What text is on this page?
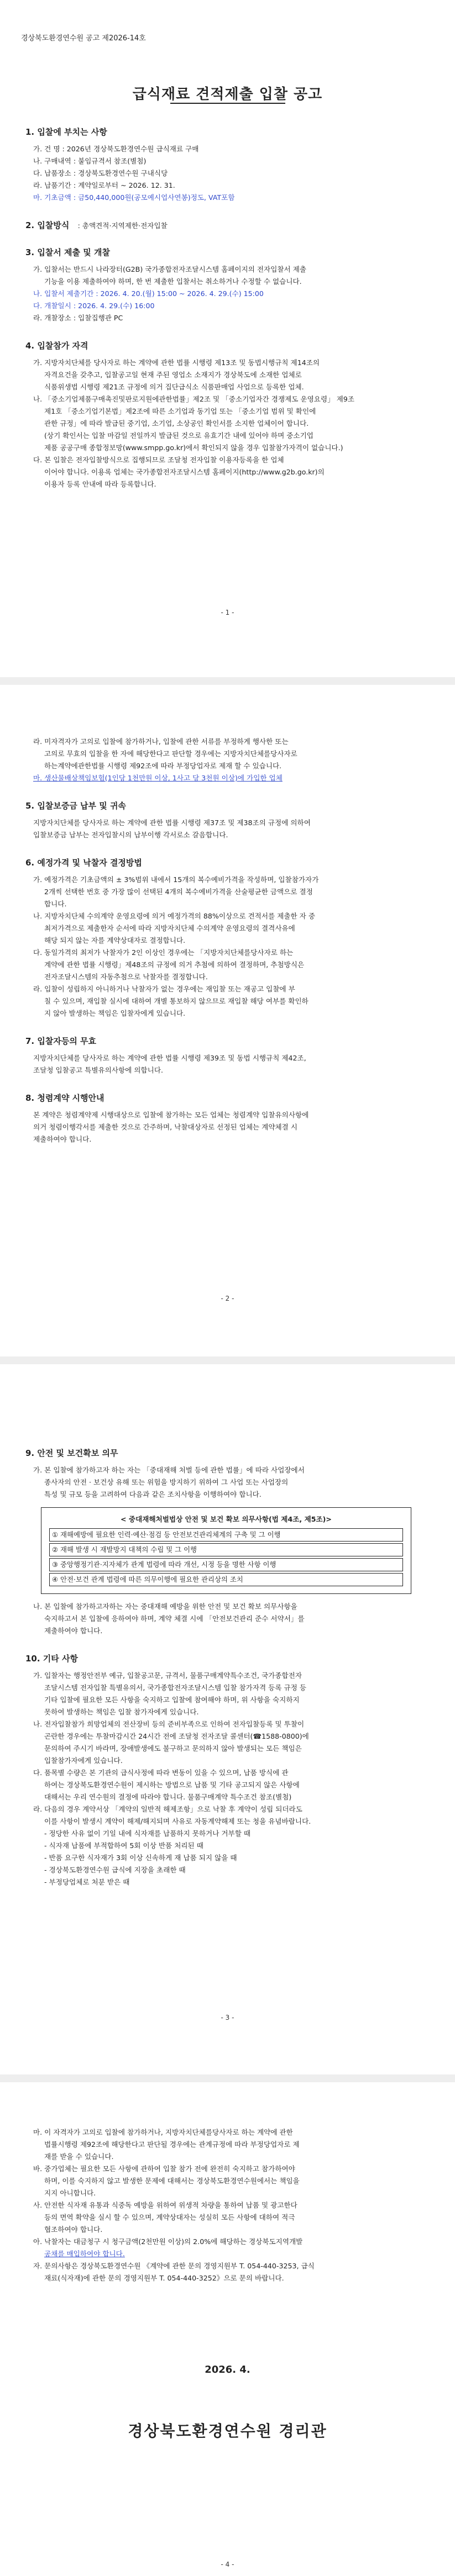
경상북도환경연수원 공고 제2026-14호
급식재료 견적제출 입찰 공고
1. 입찰에 부치는 사항
가. 건 명 : 2026년 경상북도환경연수원 급식재료 구매
나. 구매내역 : 붙임규격서 참조(별첨)
다. 납품장소 : 경상북도환경연수원 구내식당
라. 납품기간 : 계약일로부터 ~ 2026. 12. 31.
마. 기초금액 : 금50,440,000원(공모예시업사연봉)정도, VAT포함
2. 입찰방식 : 총액견적·지역제한·전자입찰
3. 입찰서 제출 및 개찰
가. 입찰서는 반드시 나라장터(G2B) 국가종합전자조달시스템 홈페이지의 전자입찰서 제출
기능을 이용 제출하여야 하며, 한 번 제출한 입찰서는 취소하거나 수정할 수 없습니다.
나. 입찰서 제출기간 : 2026. 4. 20.(월) 15:00 ~ 2026. 4. 29.(수) 15:00
다. 개찰일시 : 2026. 4. 29.(수) 16:00
라. 개찰장소 : 입찰집행관 PC
4. 입찰참가 자격
가. 지방자치단체를 당사자로 하는 계약에 관한 법률 시행령 제13조 및 동법시행규칙 제14조의
자격요건을 갖추고, 입찰공고일 현재 주된 영업소 소재지가 경상북도에 소재한 업체로
식품위생법 시행령 제21조 규정에 의거 집단급식소 식품판매업 사업으로 등록한 업체.
나. 「중소기업제품구매촉진및판로지원에관한법률」제2조 및 「중소기업자간 경쟁제도 운영요령」 제9조
제1호 「중소기업기본법」제2조에 따른 소기업과 동기업 또는 「중소기업 범위 및 확인에
관한 규정」에 따라 발급된 중기업, 소기업, 소상공인 확인서를 소지한 업체이어 합니다.
(상기 확인서는 입찰 마감일 전일까지 발급된 것으로 유효기간 내에 있어야 하며 중소기업
제품 공공구매 종합정보망(www.smpp.go.kr)에서 확인되지 않을 경우 입찰참가자격이 없습니다.)
다. 본 입찰은 전자입찰방식으로 집행되므로 조달청 전자입찰 이용자등록을 한 업체
이어야 합니다. 이용록 업체는 국가종합전자조달시스템 홈페이지(http://www.g2b.go.kr)의
이용자 등록 안내에 따라 등록합니다.
- 1 -
라. 미자격자가 고의로 입찰에 참가하거나, 입찰에 관한 서류를 부정하게 행사한 또는
고의로 무효의 입찰을 한 자에 해당한다고 판단할 경우에는 지방자치단체를당사자로
하는계약에관한법률 시행령 제92조에 따라 부정당업자로 제재 할 수 있습니다.
마. 생산물배상책임보험(1인당 1천만원 이상, 1사고 당 3천원 이상)에 가입한 업체
5. 입찰보증금 납부 및 귀속
지방자치단체를 당사자로 하는 계약에 관한 법률 시행령 제37조 및 제38조의 규정에 의하여
입찰보증금 납부는 전자입찰시의 납부이행 각서로소 갈음합니다.
6. 예정가격 및 낙찰자 결정방법
가. 예정가격은 기초금액의 ± 3%범위 내에서 15개의 복수예비가격을 작성하며, 입찰참가자가
2개씩 선택한 번호 중 가장 많이 선택된 4개의 복수예비가격을 산술평균한 금액으로 결정
합니다.
나. 지방자치단체 수의계약 운영요령에 의거 예정가격의 88%이상으로 견적서를 제출한 자 중
최저가격으로 제출한자 순서에 따라 지방자치단체 수의계약 운영요령의 결격사유에
해당 되지 않는 자를 계약상대자로 결정합니다.
다. 동일가격의 최저가 낙찰자가 2인 이상인 경우에는 「지방자치단체를당사자로 하는
계약에 관한 법률 시행령」제48조의 규정에 의거 추첨에 의하여 결정하며, 추첨방식은
전자조달시스템의 자동추첨으로 낙찰자를 결정합니다.
라. 입찰이 성립하지 아니하거나 낙찰자가 없는 경우에는 재입찰 또는 재공고 입찰에 부
칠 수 있으며, 재입찰 실시에 대하여 개별 통보하지 않으므로 재입찰 해당 여부를 확인하
지 않아 발생하는 책임은 입찰자에게 있습니다.
7. 입찰자등의 무효
지방자치단체를 당사자로 하는 계약에 관한 법률 시행령 제39조 및 동법 시행규칙 제42조,
조달청 입찰공고 특별유의사항에 의합니다.
8. 청렴계약 시행안내
본 계약은 청렴계약제 시행대상으로 입찰에 참가하는 모든 업체는 청렴계약 입찰유의사항에
의거 청렴이행각서를 제출한 것으로 간주하며, 낙찰대상자로 선정된 업체는 계약체결 시
제출하여야 합니다.
- 2 -
9. 안전 및 보건확보 의무
가. 본 입찰에 참가하고자 하는 자는 「중대재해 처벌 등에 관한 법률」에 따라 사업장에서
종사자의 안전 · 보건상 유해 또는 위험을 방지하기 위하여 그 사업 또는 사업장의
특성 및 규모 등을 고려하여 다음과 같은 조치사항을 이행하여야 합니다.
< 중대재해처벌법상 안전 및 보건 확보 의무사항(법 제4조, 제5조)>
① 재해예방에 필요한 인력·예산·점검 등 안전보건관리체계의 구축 및 그 이행
② 재해 발생 시 재발방지 대책의 수립 및 그 이행
③ 중앙행정기관·지자체가 관계 법령에 따라 개선, 시정 등을 명한 사항 이행
④ 안전·보건 관계 법령에 따른 의무이행에 필요한 관리상의 조치
나. 본 입찰에 참가하고자하는 자는 중대재해 예방을 위한 안전 및 보건 확보 의무사항을
숙지하고서 본 입찰에 응하여야 하며, 계약 체결 시에 「안전보건관리 준수 서약서」를
제출하여야 합니다.
10. 기타 사항
가. 입찰자는 행정안전부 예규, 입찰공고문, 규격서, 물품구매계약특수조건, 국가종합전자
조달시스템 전자입찰 특별유의서, 국가종합전자조달시스템 입찰 참가자격 등록 규정 등
기타 입찰에 필요한 모든 사항을 숙지하고 입찰에 참여해야 하며, 위 사항을 숙지하지
못하여 발생하는 책임은 입찰 참가자에게 있습니다.
나. 전자입찰참가 희망업체의 전산장비 등의 준비부족으로 인하여 전자입찰등록 및 투찰이
곤란한 경우에는 투찰마감시간 24시간 전에 조달청 전자조달 콜센터(☎1588-0800)에
문의하여 주시기 바라며, 장애발생에도 불구하고 문의하지 않아 발생되는 모든 책임은
입찰참가자에게 있습니다.
다. 품목별 수량은 본 기관의 급식사정에 따라 변동이 있을 수 있으며, 납품 방식에 관
하여는 경상북도환경연수원이 제시하는 방법으로 납품 및 기타 공고되지 않은 사항에
대해서는 우리 연수원의 결정에 따라야 합니다. 물품구매계약 특수조건 참조(별첨)
라. 다음의 경우 계약서상 「계약의 일반적 해제조항」으로 낙찰 후 계약이 성립 되더라도
이를 사항이 발생시 계약이 해제/해지되며 사유로 자동계약해제 또는 청을 유념바랍니다.
- 정당한 사유 없이 기일 내에 식자재를 납품하지 못하거나 거부할 때
- 식자재 납품에 부적합하여 5회 이상 반품 처리된 때
- 반품 요구한 식자재가 3회 이상 신속하게 재 납품 되지 않을 때
- 경상북도환경연수원 급식에 지장을 초래한 때
- 부정당업체로 처분 받은 때
- 3 -
마. 이 자격자가 고의로 입찰에 참가하거나, 지방자치단체를당사자로 하는 계약에 관한
법률시행령 제92조에 해당한다고 판단될 경우에는 관계규정에 따라 부정당업자로 제
재를 받을 수 있습니다.
바. 중가업체는 필요한 모든 사항에 관하여 입찰 참가 전에 완전히 숙지하고 참가하여야
하며, 이를 숙지하지 않고 발생한 문제에 대해서는 경상북도환경연수원에서는 책임을
지지 아니합니다.
사. 안전한 식자재 유통과 식중독 예방을 위하여 위생적 차량을 통하여 납품 및 광고한다
등의 면역 확약을 실시 할 수 있으며, 계약상대자는 성실히 모든 사항에 대하여 적극
협조하여야 합니다.
아. 낙찰자는 대금청구 시 청구금액(2천만원 이상)의 2.0%에 해당하는 경상북도지역개발
공채를 매입하여야 합니다.
자. 문의사항은 경상북도환경연수원 《계약에 관한 문의 경영지원부 T. 054-440-3253, 급식
재료(식자재)에 관한 문의 경영지원부 T. 054-440-3252》으로 문의 바랍니다.
2026. 4.
경상북도환경연수원 경리관
- 4 -
